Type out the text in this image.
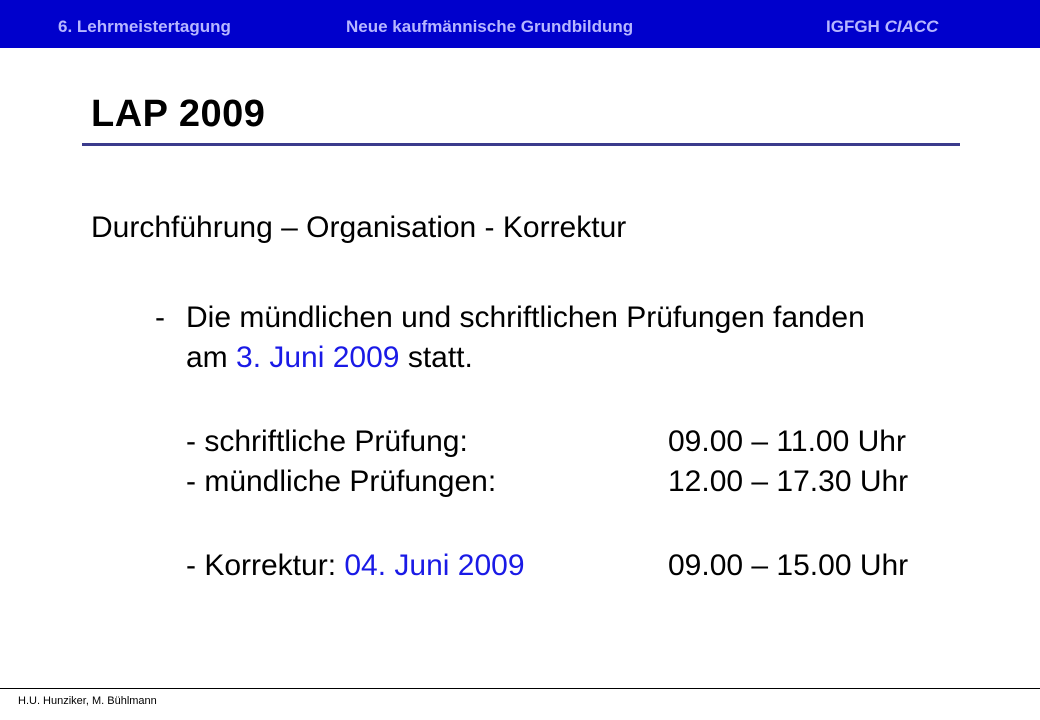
6. Lehrmeistertagung	Neue kaufmännische Grundbildung	IGFGH CIACC
LAP 2009
Durchführung – Organisation - Korrektur
- Die mündlichen und schriftlichen Prüfungen fanden
am 3. Juni 2009 statt.
- schriftliche Prüfung:	09.00 – 11.00 Uhr
- mündliche Prüfungen:	12.00 – 17.30 Uhr
- Korrektur: 04. Juni 2009	09.00 – 15.00 Uhr
H.U. Hunziker, M. Bühlmann
